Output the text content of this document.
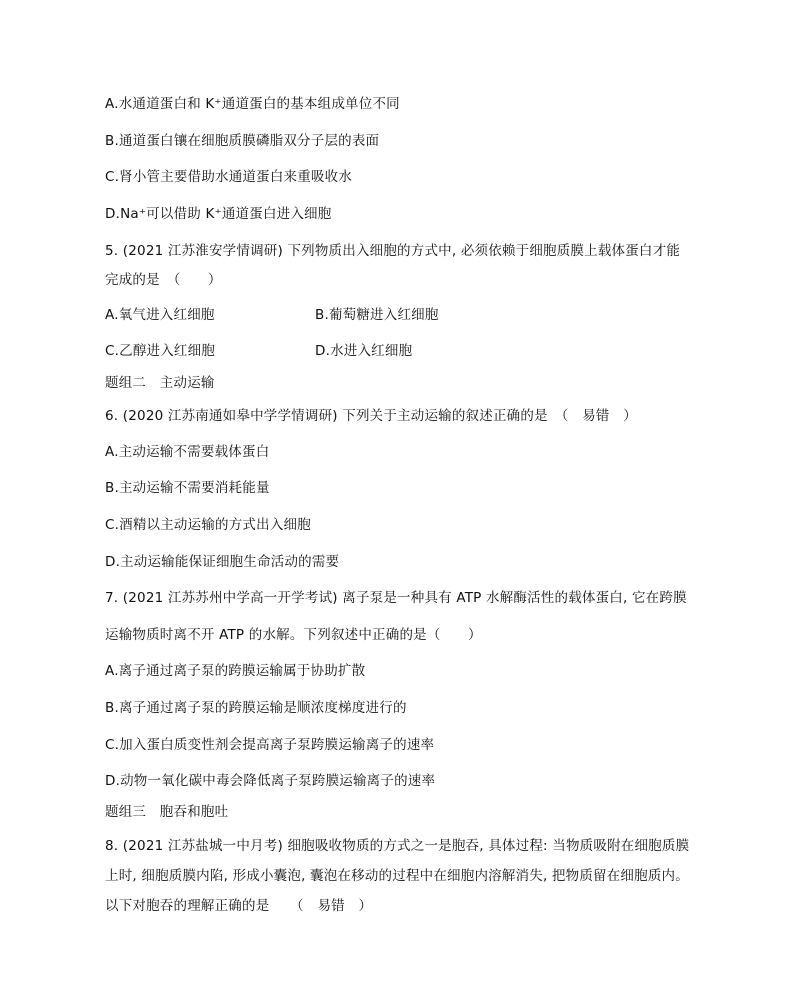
A.水通道蛋白和 K⁺通道蛋白的基本组成单位不同
B.通道蛋白镶在细胞质膜磷脂双分子层的表面
C.肾小管主要借助水通道蛋白来重吸收水
D.Na⁺可以借助 K⁺通道蛋白进入细胞
5. (2021 江苏淮安学情调研) 下列物质出入细胞的方式中, 必须依赖于细胞质膜上载体蛋白才能
完成的是　（　　）
A.氧气进入红细胞	B.葡萄糖进入红细胞
C.乙醇进入红细胞	D.水进入红细胞
题组二　主动运输
6. (2020 江苏南通如皋中学学情调研) 下列关于主动运输的叙述正确的是　（　易错　）
A.主动运输不需要载体蛋白
B.主动运输不需要消耗能量
C.酒精以主动运输的方式出入细胞
D.主动运输能保证细胞生命活动的需要
7. (2021 江苏苏州中学高一开学考试) 离子泵是一种具有 ATP 水解酶活性的载体蛋白, 它在跨膜
运输物质时离不开 ATP 的水解。下列叙述中正确的是（　　）
A.离子通过离子泵的跨膜运输属于协助扩散
B.离子通过离子泵的跨膜运输是顺浓度梯度进行的
C.加入蛋白质变性剂会提高离子泵跨膜运输离子的速率
D.动物一氧化碳中毒会降低离子泵跨膜运输离子的速率
题组三　胞吞和胞吐
8. (2021 江苏盐城一中月考) 细胞吸收物质的方式之一是胞吞, 具体过程: 当物质吸附在细胞质膜
上时, 细胞质膜内陷, 形成小囊泡, 囊泡在移动的过程中在细胞内溶解消失, 把物质留在细胞质内。
以下对胞吞的理解正确的是　　（　易错　）
